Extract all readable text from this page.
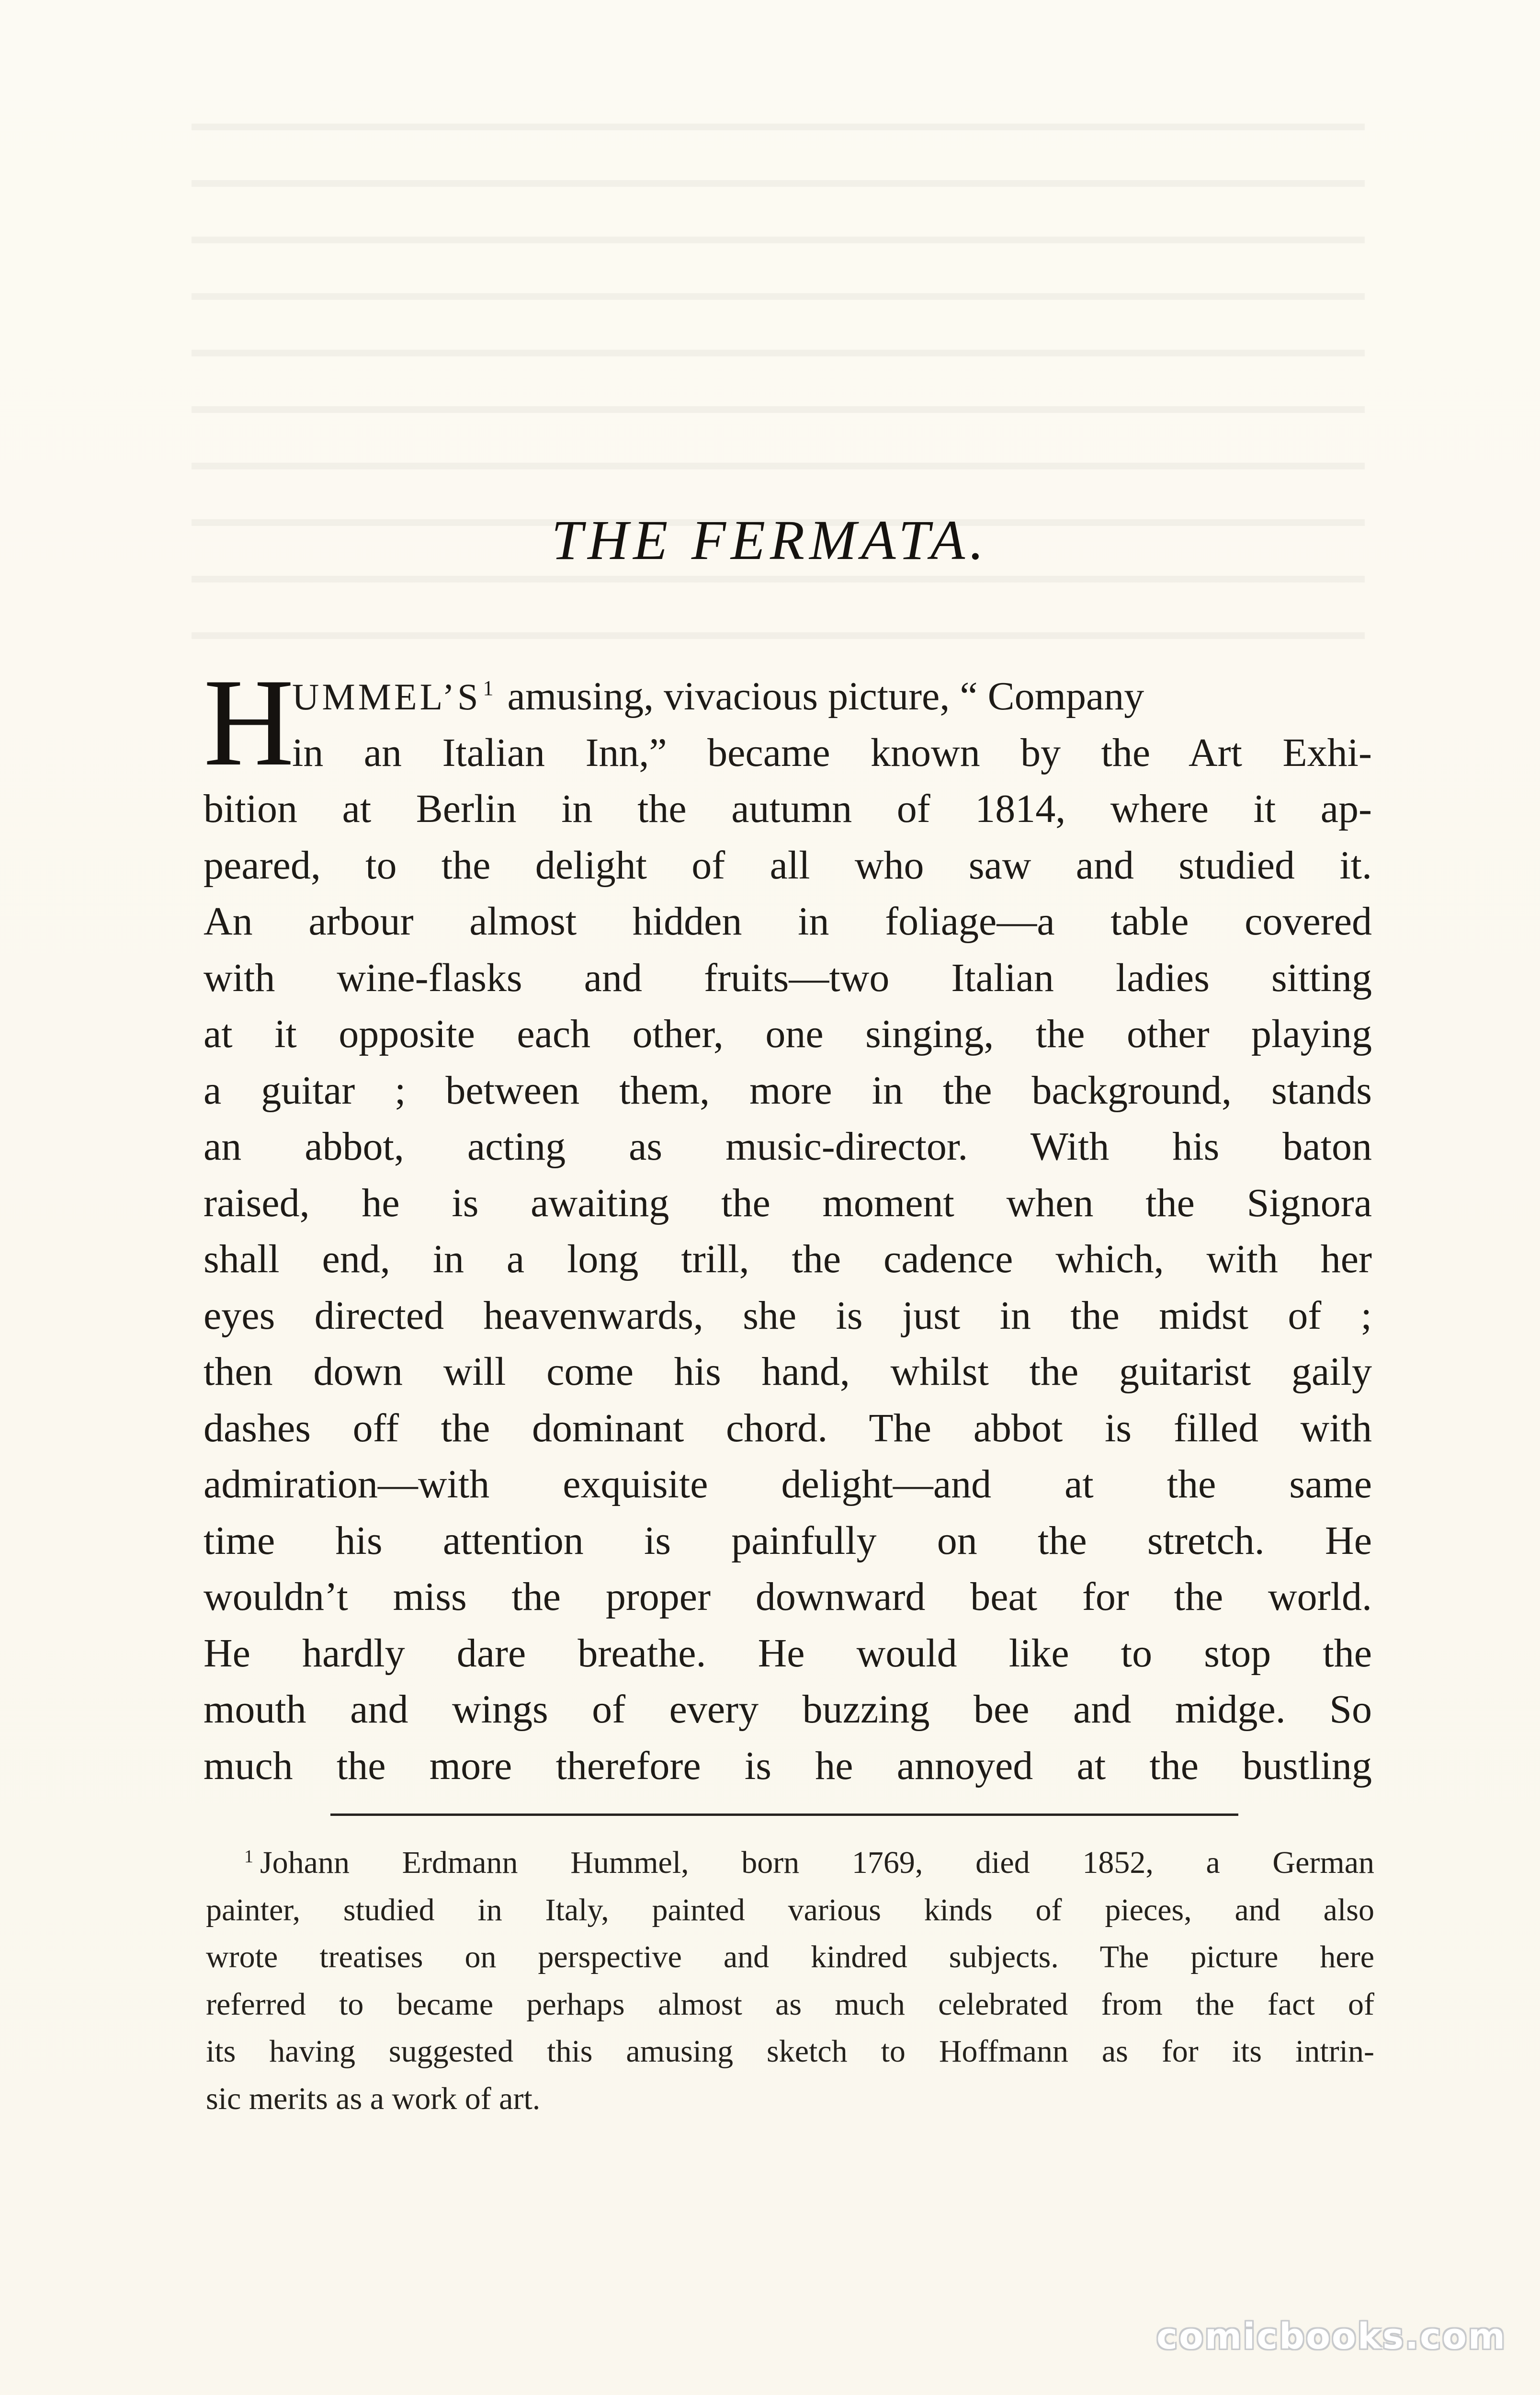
THE FERMATA.
H
UMMEL’S$^1$ amusing, vivacious picture, “ Company
in an Italian Inn,” became known by the Art Exhi-
bition at Berlin in the autumn of 1814, where it ap-
peared, to the delight of all who saw and studied it.
An arbour almost hidden in foliage—a table covered
with wine-flasks and fruits—two Italian ladies sitting
at it opposite each other, one singing, the other playing
a guitar ; between them, more in the background, stands
an abbot, acting as music-director. With his baton
raised, he is awaiting the moment when the Signora
shall end, in a long trill, the cadence which, with her
eyes directed heavenwards, she is just in the midst of ;
then down will come his hand, whilst the guitarist gaily
dashes off the dominant chord. The abbot is filled with
admiration—with exquisite delight—and at the same
time his attention is painfully on the stretch. He
wouldn’t miss the proper downward beat for the world.
He hardly dare breathe. He would like to stop the
mouth and wings of every buzzing bee and midge. So
much the more therefore is he annoyed at the bustling
$^1$ Johann Erdmann Hummel, born 1769, died 1852, a German
painter, studied in Italy, painted various kinds of pieces, and also
wrote treatises on perspective and kindred subjects. The picture here
referred to became perhaps almost as much celebrated from the fact of
its having suggested this amusing sketch to Hoffmann as for its intrin-
sic merits as a work of art.
comicbooks.com
